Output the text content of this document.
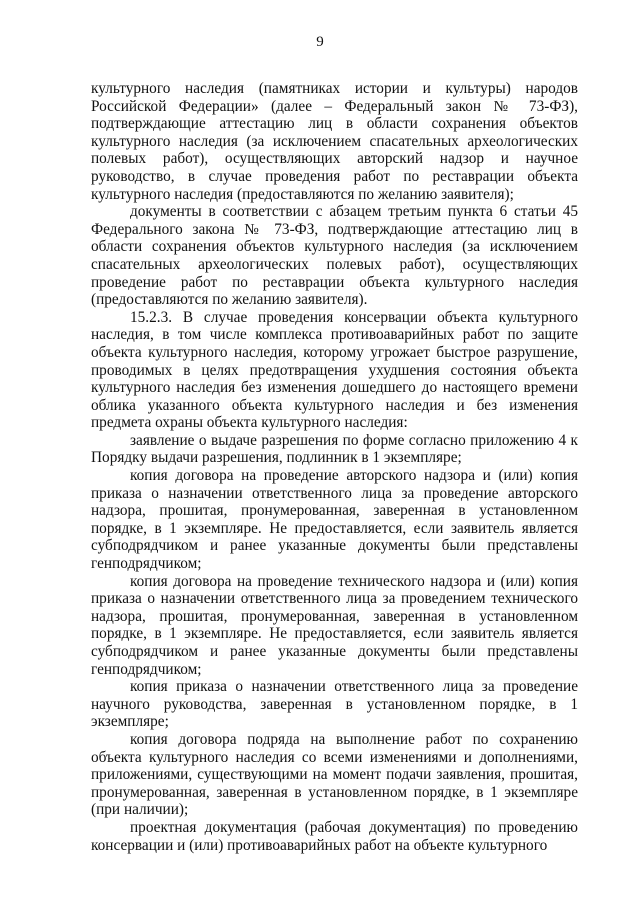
9

культурного наследия (памятниках истории и культуры) народов Российской Федерации» (далее – Федеральный закон № 73-ФЗ), подтверждающие аттестацию лиц в области сохранения объектов культурного наследия (за исключением спасательных археологических полевых работ), осуществляющих авторский надзор и научное руководство, в случае проведения работ по реставрации объекта культурного наследия (предоставляются по желанию заявителя);

документы в соответствии с абзацем третьим пункта 6 статьи 45 Федерального закона № 73-ФЗ, подтверждающие аттестацию лиц в области сохранения объектов культурного наследия (за исключением спасательных археологических полевых работ), осуществляющих проведение работ по реставрации объекта культурного наследия (предоставляются по желанию заявителя).

15.2.3. В случае проведения консервации объекта культурного наследия, в том числе комплекса противоаварийных работ по защите объекта культурного наследия, которому угрожает быстрое разрушение, проводимых в целях предотвращения ухудшения состояния объекта культурного наследия без изменения дошедшего до настоящего времени облика указанного объекта культурного наследия и без изменения предмета охраны объекта культурного наследия:

заявление о выдаче разрешения по форме согласно приложению 4 к Порядку выдачи разрешения, подлинник в 1 экземпляре;

копия договора на проведение авторского надзора и (или) копия приказа о назначении ответственного лица за проведение авторского надзора, прошитая, пронумерованная, заверенная в установленном порядке, в 1 экземпляре. Не предоставляется, если заявитель является субподрядчиком и ранее указанные документы были представлены генподрядчиком;

копия договора на проведение технического надзора и (или) копия приказа о назначении ответственного лица за проведением технического надзора, прошитая, пронумерованная, заверенная в установленном порядке, в 1 экземпляре. Не предоставляется, если заявитель является субподрядчиком и ранее указанные документы были представлены генподрядчиком;

копия приказа о назначении ответственного лица за проведение научного руководства, заверенная в установленном порядке, в 1 экземпляре;

копия договора подряда на выполнение работ по сохранению объекта культурного наследия со всеми изменениями и дополнениями, приложениями, существующими на момент подачи заявления, прошитая, пронумерованная, заверенная в установленном порядке, в 1 экземпляре (при наличии);

проектная документация (рабочая документация) по проведению консервации и (или) противоаварийных работ на объекте культурного
